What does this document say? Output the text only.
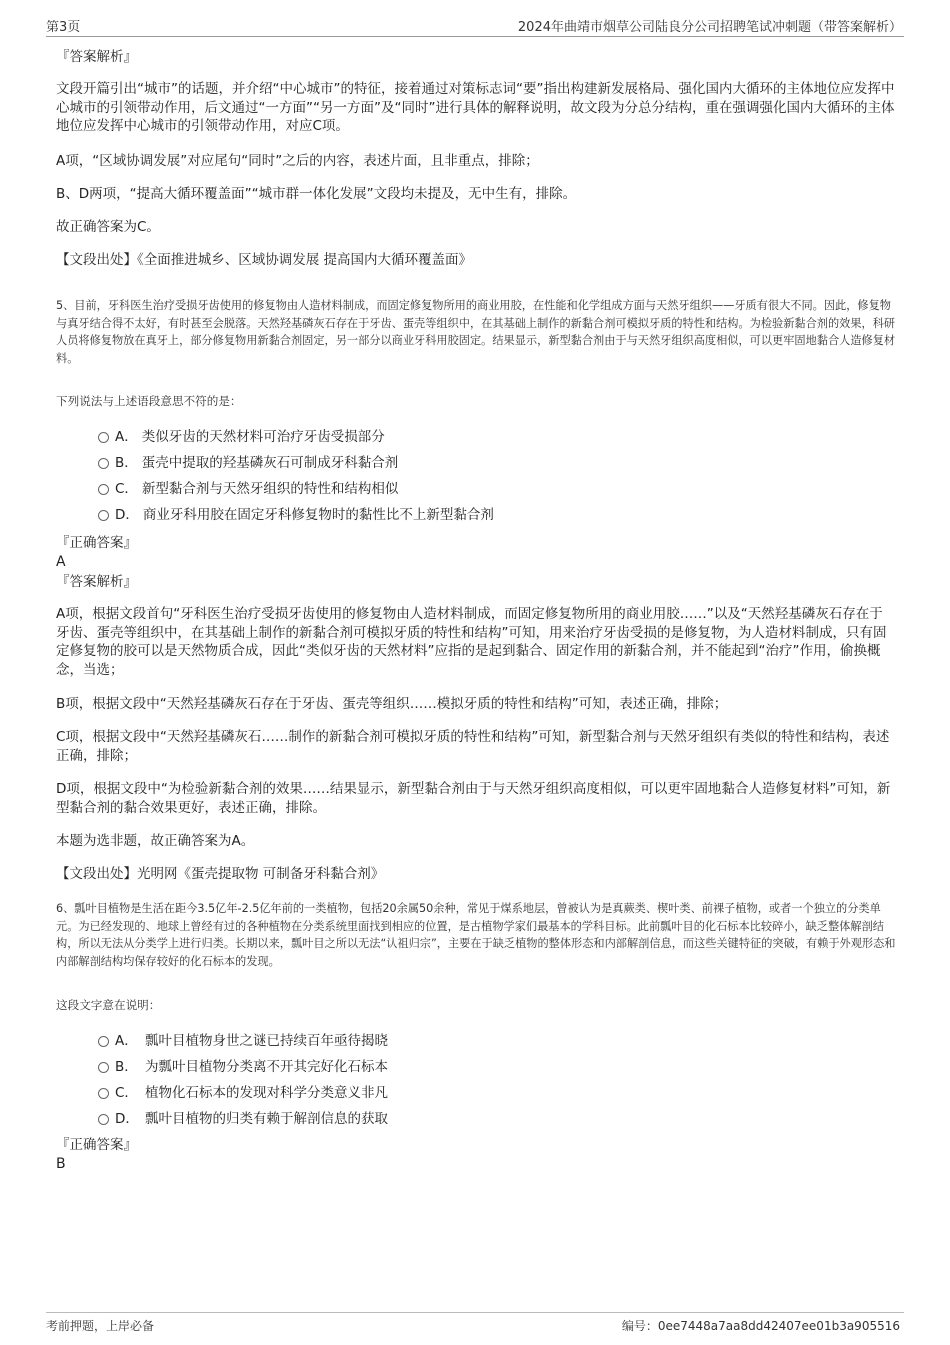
第3页	2024年曲靖市烟草公司陆良分公司招聘笔试冲刺题（带答案解析）
『答案解析』
文段开篇引出“城市”的话题，并介绍“中心城市”的特征，接着通过对策标志词“要”指出构建新发展格局、强化国内大循环的主体地位应发挥中心城市的引领带动作用，后文通过“一方面”“另一方面”及“同时”进行具体的解释说明，故文段为分总分结构，重在强调强化国内大循环的主体地位应发挥中心城市的引领带动作用，对应C项。
A项，“区域协调发展”对应尾句“同时”之后的内容，表述片面，且非重点，排除；
B、D两项，“提高大循环覆盖面”“城市群一体化发展”文段均未提及，无中生有，排除。
故正确答案为C。
【文段出处】《全面推进城乡、区域协调发展 提高国内大循环覆盖面》
5、目前，牙科医生治疗受损牙齿使用的修复物由人造材料制成，而固定修复物所用的商业用胶，在性能和化学组成方面与天然牙组织——牙质有很大不同。因此，修复物与真牙结合得不太好，有时甚至会脱落。天然羟基磷灰石存在于牙齿、蛋壳等组织中，在其基础上制作的新黏合剂可模拟牙质的特性和结构。为检验新黏合剂的效果，科研人员将修复物放在真牙上，部分修复物用新黏合剂固定，另一部分以商业牙科用胶固定。结果显示，新型黏合剂由于与天然牙组织高度相似，可以更牢固地黏合人造修复材料。
下列说法与上述语段意思不符的是：
A． 类似牙齿的天然材料可治疗牙齿受损部分
B． 蛋壳中提取的羟基磷灰石可制成牙科黏合剂
C． 新型黏合剂与天然牙组织的特性和结构相似
D． 商业牙科用胶在固定牙科修复物时的黏性比不上新型黏合剂
『正确答案』
A
『答案解析』
A项，根据文段首句“牙科医生治疗受损牙齿使用的修复物由人造材料制成，而固定修复物所用的商业用胶……”以及“天然羟基磷灰石存在于牙齿、蛋壳等组织中，在其基础上制作的新黏合剂可模拟牙质的特性和结构”可知，用来治疗牙齿受损的是修复物，为人造材料制成，只有固定修复物的胶可以是天然物质合成，因此“类似牙齿的天然材料”应指的是起到黏合、固定作用的新黏合剂，并不能起到“治疗”作用，偷换概念，当选；
B项，根据文段中“天然羟基磷灰石存在于牙齿、蛋壳等组织……模拟牙质的特性和结构”可知，表述正确，排除；
C项，根据文段中“天然羟基磷灰石……制作的新黏合剂可模拟牙质的特性和结构”可知，新型黏合剂与天然牙组织有类似的特性和结构，表述正确，排除；
D项，根据文段中“为检验新黏合剂的效果……结果显示，新型黏合剂由于与天然牙组织高度相似，可以更牢固地黏合人造修复材料”可知，新型黏合剂的黏合效果更好，表述正确，排除。
本题为选非题，故正确答案为A。
【文段出处】光明网《蛋壳提取物 可制备牙科黏合剂》
6、瓢叶目植物是生活在距今3.5亿年-2.5亿年前的一类植物，包括20余属50余种，常见于煤系地层，曾被认为是真蕨类、楔叶类、前裸子植物，或者一个独立的分类单元。为已经发现的、地球上曾经有过的各种植物在分类系统里面找到相应的位置，是古植物学家们最基本的学科目标。此前瓢叶目的化石标本比较碎小，缺乏整体解剖结构，所以无法从分类学上进行归类。长期以来，瓢叶目之所以无法“认祖归宗”，主要在于缺乏植物的整体形态和内部解剖信息，而这些关键特征的突破，有赖于外观形态和内部解剖结构均保存较好的化石标本的发现。
这段文字意在说明：
A． 瓢叶目植物身世之谜已持续百年亟待揭晓
B． 为瓢叶目植物分类离不开其完好化石标本
C． 植物化石标本的发现对科学分类意义非凡
D． 瓢叶目植物的归类有赖于解剖信息的获取
『正确答案』
B
考前押题，上岸必备	编号：0ee7448a7aa8dd42407ee01b3a905516
